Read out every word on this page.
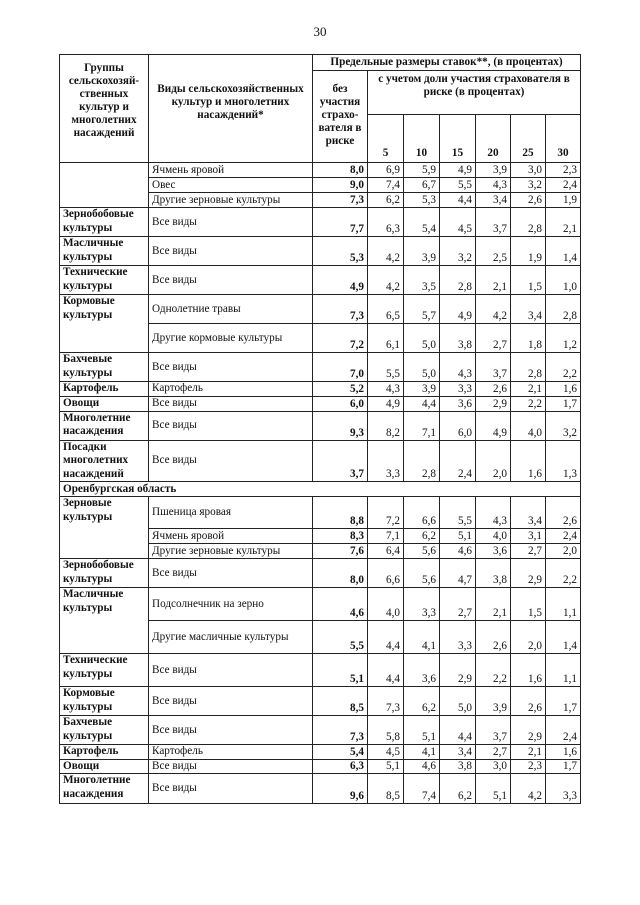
30
Группы сельскохозяй-ственных культур и многолетних насаждений	Виды сельскохозяйственных культур и многолетних насаждений*	Предельные размеры ставок**, (в процентах)						
		без участия страхо-вателя в риске	с учетом доли участия страхователя в риске (в процентах)					
			5	10	15	20	25	30
	Ячмень яровой	8,0	6,9	5,9	4,9	3,9	3,0	2,3
	Овес	9,0	7,4	6,7	5,5	4,3	3,2	2,4
	Другие зерновые культуры	7,3	6,2	5,3	4,4	3,4	2,6	1,9
Зернобобовые культуры	Все виды	7,7	6,3	5,4	4,5	3,7	2,8	2,1
Масличные культуры	Все виды	5,3	4,2	3,9	3,2	2,5	1,9	1,4
Технические культуры	Все виды	4,9	4,2	3,5	2,8	2,1	1,5	1,0
Кормовые культуры	Однолетние травы	7,3	6,5	5,7	4,9	4,2	3,4	2,8
	Другие кормовые культуры	7,2	6,1	5,0	3,8	2,7	1,8	1,2
Бахчевые культуры	Все виды	7,0	5,5	5,0	4,3	3,7	2,8	2,2
Картофель	Картофель	5,2	4,3	3,9	3,3	2,6	2,1	1,6
Овощи	Все виды	6,0	4,9	4,4	3,6	2,9	2,2	1,7
Многолетние насаждения	Все виды	9,3	8,2	7,1	6,0	4,9	4,0	3,2
Посадки многолетних насаждений	Все виды	3,7	3,3	2,8	2,4	2,0	1,6	1,3
Оренбургская область								
Зерновые культуры	Пшеница яровая	8,8	7,2	6,6	5,5	4,3	3,4	2,6
	Ячмень яровой	8,3	7,1	6,2	5,1	4,0	3,1	2,4
	Другие зерновые культуры	7,6	6,4	5,6	4,6	3,6	2,7	2,0
Зернобобовые культуры	Все виды	8,0	6,6	5,6	4,7	3,8	2,9	2,2
Масличные культуры	Подсолнечник на зерно	4,6	4,0	3,3	2,7	2,1	1,5	1,1
	Другие масличные культуры	5,5	4,4	4,1	3,3	2,6	2,0	1,4
Технические культуры	Все виды	5,1	4,4	3,6	2,9	2,2	1,6	1,1
Кормовые культуры	Все виды	8,5	7,3	6,2	5,0	3,9	2,6	1,7
Бахчевые культуры	Все виды	7,3	5,8	5,1	4,4	3,7	2,9	2,4
Картофель	Картофель	5,4	4,5	4,1	3,4	2,7	2,1	1,6
Овощи	Все виды	6,3	5,1	4,6	3,8	3,0	2,3	1,7
Многолетние насаждения	Все виды	9,6	8,5	7,4	6,2	5,1	4,2	3,3
